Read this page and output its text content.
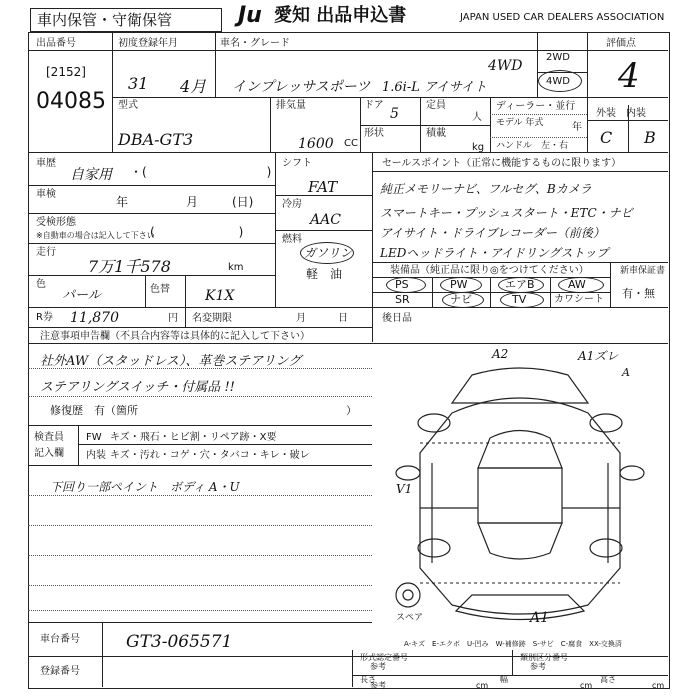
車内保管・守衛保管	Ju 愛知 出品申込書	JAPAN USED CAR DEALERS ASSOCIATION
出品番号
[2152]
04085
初度登録年月
31 4月
車名・グレード
インプレッサスポーツ 1.6i-L アイサイト
4WD
2WD
4WD
評価点
4
型式
DBA-GT3
排気量
1600 CC
ドア
5
定員
人
形状	積載
kg
ディーラー・並行
モデル 年式	年
ハンドル　左・右
外装　内装
C B
車歴
自家用 ・(　　　　　　　　　　)
車検
年	月	(日)
受検形態
※自動車の場合は記入して下さい
(　　　　　　　)
走行
7万1千578	km
色
パール	色替	K1X
シフト
FAT
冷房
AAC
燃料
ガソリン
軽　油
セールスポイント（正常に機能するものに限ります）
純正メモリーナビ、フルセグ、Bカメラ
スマートキー・プッシュスタート・ETC・ナビ
アイサイト・ドライブレコーダー（前後）
LEDヘッドライト・アイドリングストップ
装備品（純正品に限り◎をつけてください）	新車保証書
有・無
PS	PW	エアB	AW
SR	ナビ	TV	カワシート
R券 11,870	円 名変期限	月	日	後日品
注意事項申告欄（不具合内容等は具体的に記入して下さい）
社外AW（スタッドレス）、革巻ステアリング
ステアリングスイッチ・付属品 !!
修復歴　有（箇所	）
検査員
記入欄
FW キズ・飛石・ヒビ割・リペア跡・X要
内装 キズ・汚れ・コゲ・穴・タバコ・キレ・破レ
下回り一部ペイント　ボディ A・U
A2	A1ズレ
A
V1
A1
スペア
A-キズ　E-エクボ　U-凹み　W-補修跡　S-サビ　C-腐食　XX-交換済
車台番号	GT3-065571
登録番号
形式認定番号
参考
類別区分番号
参考
長さ
参考	cm
幅
cm
高さ
cm
